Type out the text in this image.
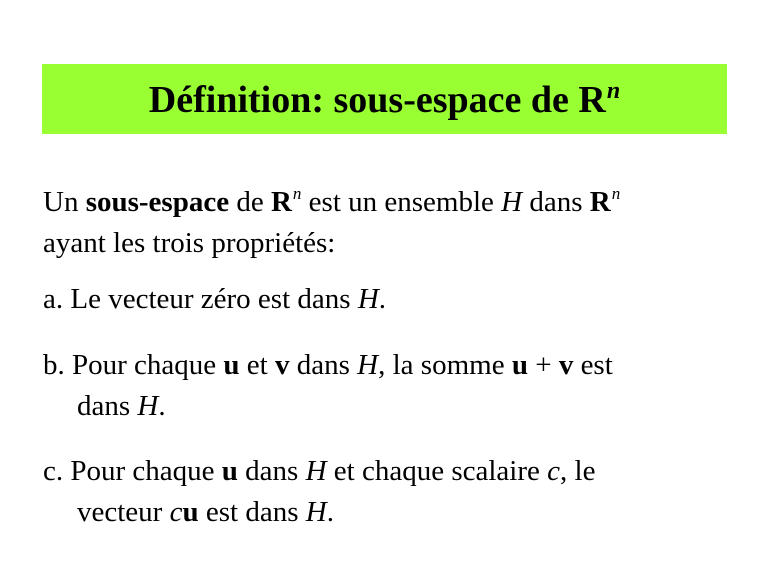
Définition: sous-espace de $R^n$
Un sous-espace de $R^n$ est un ensemble H dans $R^n$
ayant les trois propriétés:
a. Le vecteur zéro est dans H.
b. Pour chaque u et v dans H, la somme u + v est
dans H.
c. Pour chaque u dans H et chaque scalaire c, le
vecteur cu est dans H.
